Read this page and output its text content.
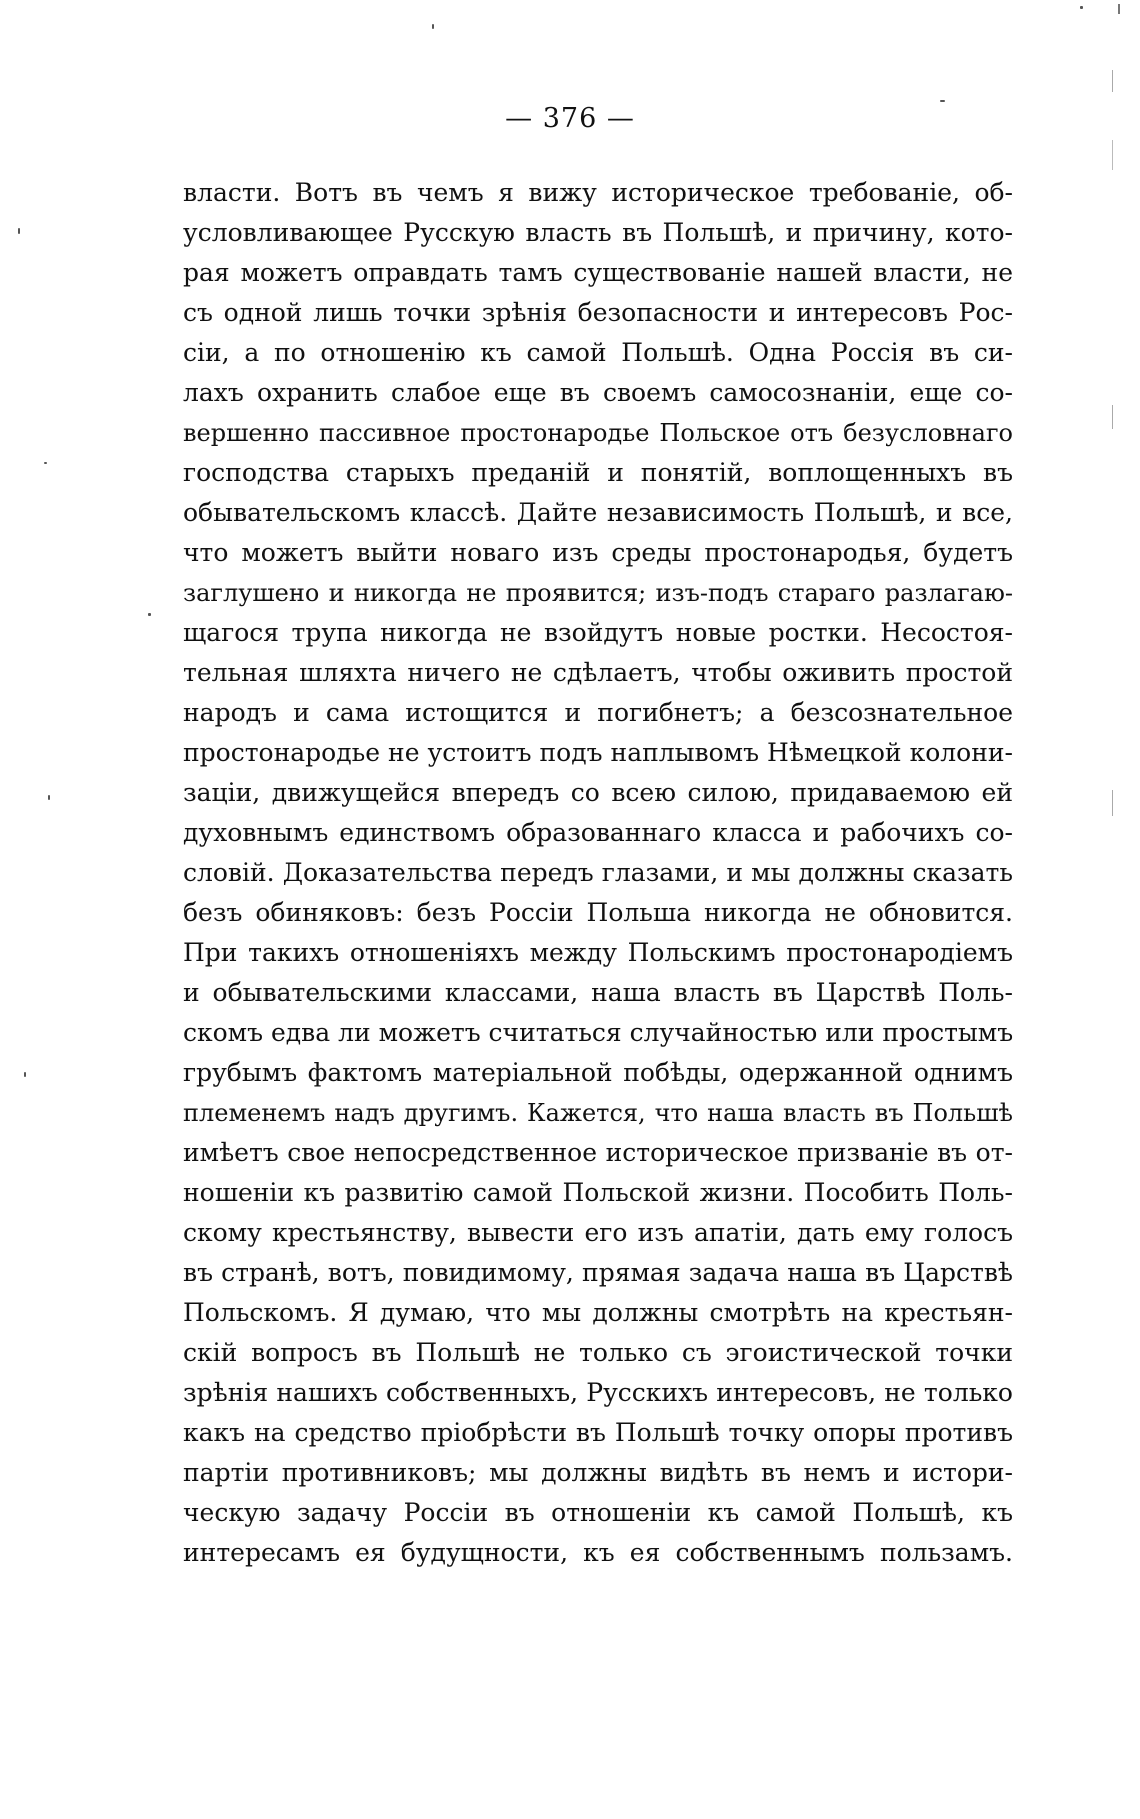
— 376 —
власти. Вотъ въ чемъ я вижу историческое требованіе, об-
условливающее Русскую власть въ Польшѣ, и причину, кото-
рая можетъ оправдать тамъ существованіе нашей власти, не
съ одной лишь точки зрѣнія безопасности и интересовъ Рос-
сіи, а по отношенію къ самой Польшѣ. Одна Россія въ си-
лахъ охранить слабое еще въ своемъ самосознаніи, еще со-
вершенно пассивное простонародье Польское отъ безусловнаго
господства старыхъ преданій и понятій, воплощенныхъ въ
обывательскомъ классѣ. Дайте независимость Польшѣ, и все,
что можетъ выйти новаго изъ среды простонародья, будетъ
заглушено и никогда не проявится; изъ-подъ стараго разлагаю-
щагося трупа никогда не взойдутъ новые ростки. Несостоя-
тельная шляхта ничего не сдѣлаетъ, чтобы оживить простой
народъ и сама истощится и погибнетъ; а безсознательное
простонародье не устоитъ подъ наплывомъ Нѣмецкой колони-
заціи, движущейся впередъ со всею силою, придаваемою ей
духовнымъ единствомъ образованнаго класса и рабочихъ со-
словій. Доказательства передъ глазами, и мы должны сказать
безъ обиняковъ: безъ Россіи Польша никогда не обновится.
При такихъ отношеніяхъ между Польскимъ простонародіемъ
и обывательскими классами, наша власть въ Царствѣ Поль-
скомъ едва ли можетъ считаться случайностью или простымъ
грубымъ фактомъ матеріальной побѣды, одержанной однимъ
племенемъ надъ другимъ. Кажется, что наша власть въ Польшѣ
имѣетъ свое непосредственное историческое призваніе въ от-
ношеніи къ развитію самой Польской жизни. Пособить Поль-
скому крестьянству, вывести его изъ апатіи, дать ему голосъ
въ странѣ, вотъ, повидимому, прямая задача наша въ Царствѣ
Польскомъ. Я думаю, что мы должны смотрѣть на крестьян-
скій вопросъ въ Польшѣ не только съ эгоистической точки
зрѣнія нашихъ собственныхъ, Русскихъ интересовъ, не только
какъ на средство пріобрѣсти въ Польшѣ точку опоры противъ
партіи противниковъ; мы должны видѣть въ немъ и истори-
ческую задачу Россіи въ отношеніи къ самой Польшѣ, къ
интересамъ ея будущности, къ ея собственнымъ пользамъ.
